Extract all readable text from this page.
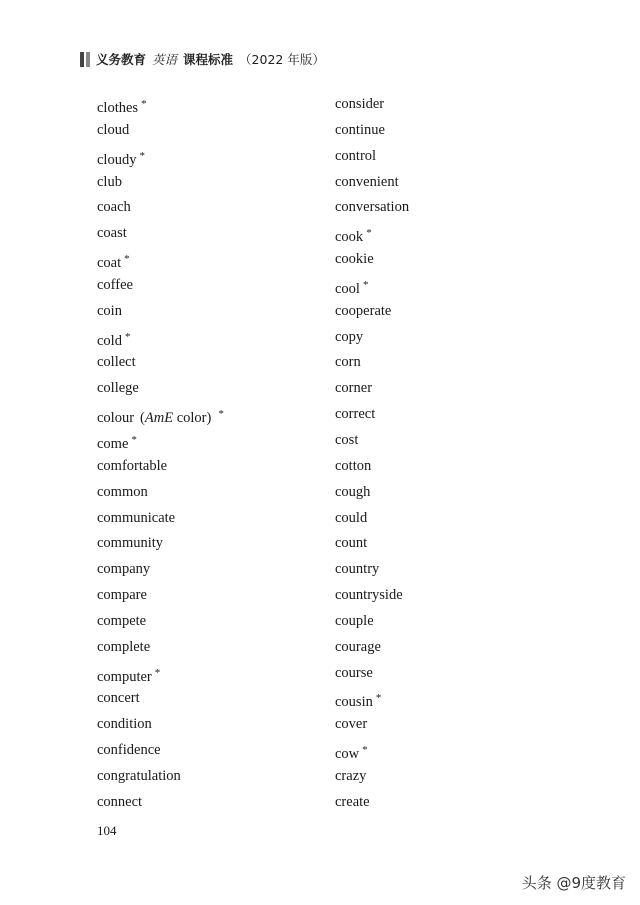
义务教育 英语 课程标准 （2022 年版）
clothes *
cloud
cloudy *
club
coach
coast
coat *
coffee
coin
cold *
collect
college
colour (AmE color) *
come *
comfortable
common
communicate
community
company
compare
compete
complete
computer *
concert
condition
confidence
congratulation
connect
consider
continue
control
convenient
conversation
cook *
cookie
cool *
cooperate
copy
corn
corner
correct
cost
cotton
cough
could
count
country
countryside
couple
courage
course
cousin *
cover
cow *
crazy
create
104
头条 @9度教育
